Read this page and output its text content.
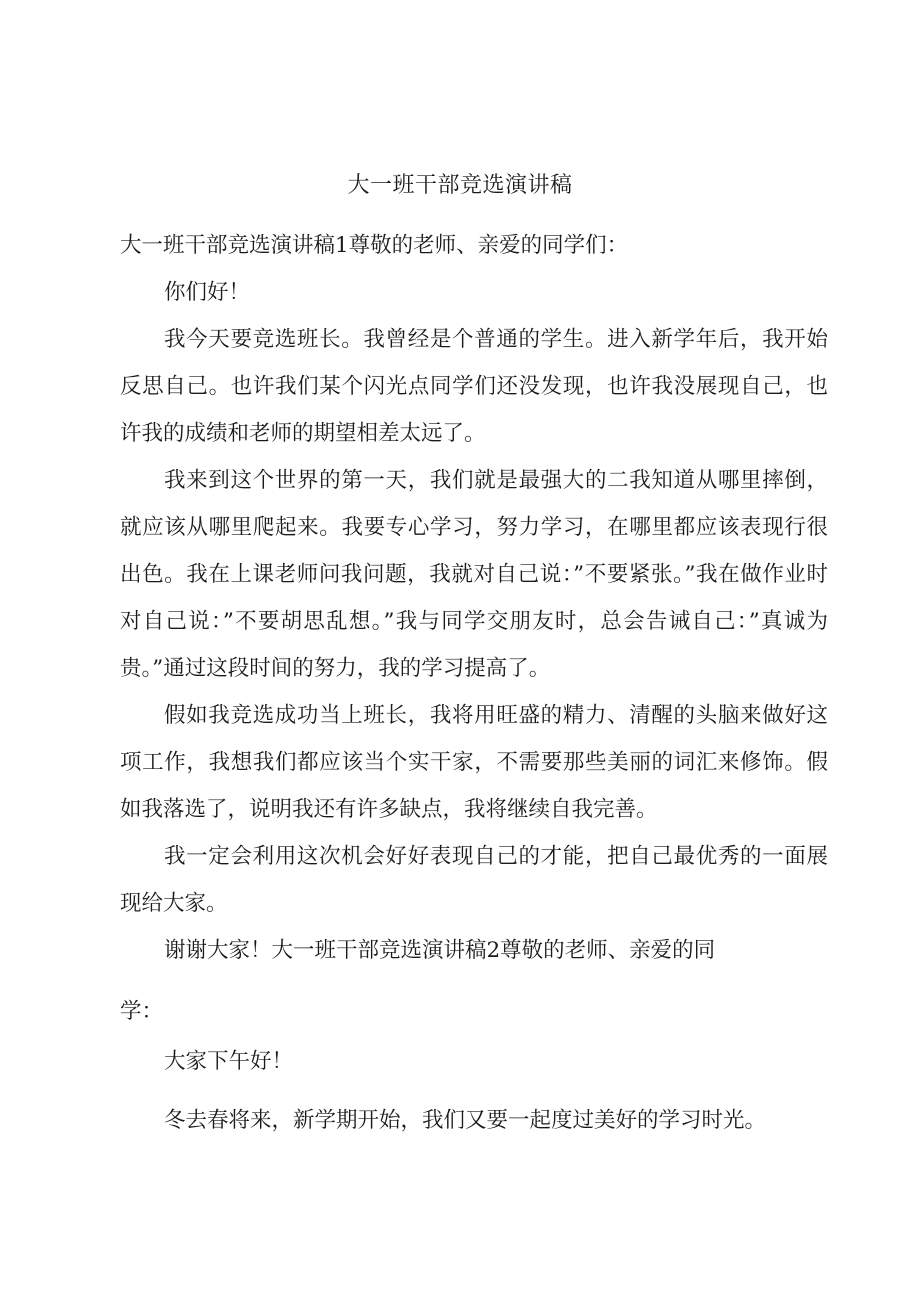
大一班干部竞选演讲稿

大一班干部竞选演讲稿1尊敬的老师、亲爱的同学们：

你们好！

我今天要竞选班长。我曾经是个普通的学生。进入新学年后，我开始反思自己。也许我们某个闪光点同学们还没发现，也许我没展现自己，也许我的成绩和老师的期望相差太远了。

我来到这个世界的第一天，我们就是最强大的二我知道从哪里摔倒，就应该从哪里爬起来。我要专心学习，努力学习，在哪里都应该表现行很出色。我在上课老师问我问题，我就对自己说：”不要紧张。”我在做作业时对自己说：”不要胡思乱想。”我与同学交朋友时，总会告诫自己：”真诚为贵。”通过这段时间的努力，我的学习提高了。

假如我竞选成功当上班长，我将用旺盛的精力、清醒的头脑来做好这项工作，我想我们都应该当个实干家，不需要那些美丽的词汇来修饰。假如我落选了，说明我还有许多缺点，我将继续自我完善。

我一定会利用这次机会好好表现自己的才能，把自己最优秀的一面展现给大家。

谢谢大家！大一班干部竞选演讲稿2尊敬的老师、亲爱的同

学：

大家下午好！

冬去春将来，新学期开始，我们又要一起度过美好的学习时光。
